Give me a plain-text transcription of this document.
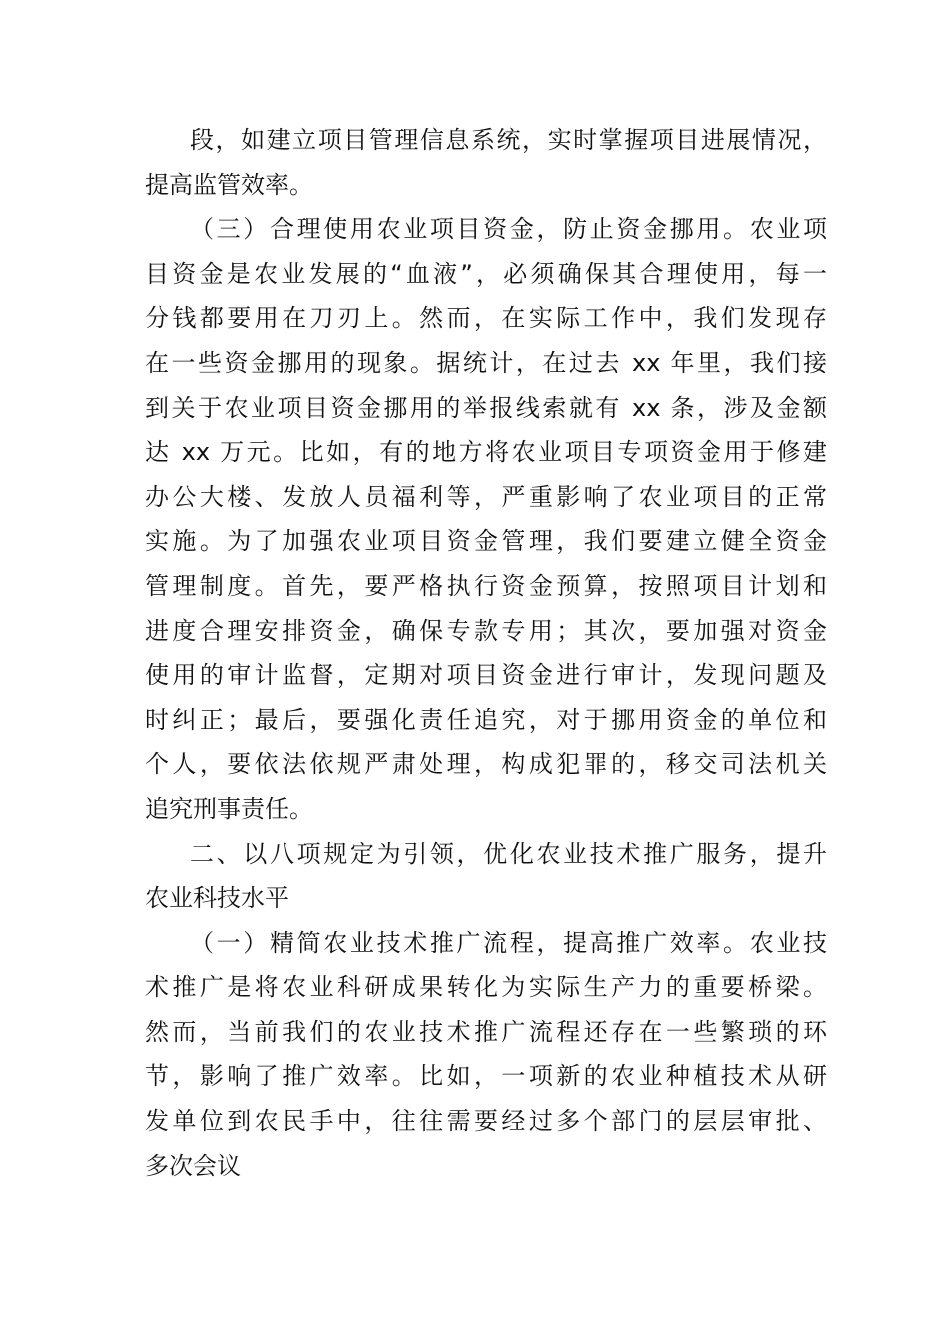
段，如建立项目管理信息系统，实时掌握项目进展情况，
提高监管效率。
（三）合理使用农业项目资金，防止资金挪用。农业项
目资金是农业发展的“血液”，必须确保其合理使用，每一
分钱都要用在刀刃上。然而，在实际工作中，我们发现存
在一些资金挪用的现象。据统计，在过去 xx 年里，我们接
到关于农业项目资金挪用的举报线索就有 xx 条，涉及金额
达 xx 万元。比如，有的地方将农业项目专项资金用于修建
办公大楼、发放人员福利等，严重影响了农业项目的正常
实施。为了加强农业项目资金管理，我们要建立健全资金
管理制度。首先，要严格执行资金预算，按照项目计划和
进度合理安排资金，确保专款专用；其次，要加强对资金
使用的审计监督，定期对项目资金进行审计，发现问题及
时纠正；最后，要强化责任追究，对于挪用资金的单位和
个人，要依法依规严肃处理，构成犯罪的，移交司法机关
追究刑事责任。
二、以八项规定为引领，优化农业技术推广服务，提升
农业科技水平
（一）精简农业技术推广流程，提高推广效率。农业技
术推广是将农业科研成果转化为实际生产力的重要桥梁。
然而，当前我们的农业技术推广流程还存在一些繁琐的环
节，影响了推广效率。比如，一项新的农业种植技术从研
发单位到农民手中，往往需要经过多个部门的层层审批、
多次会议
